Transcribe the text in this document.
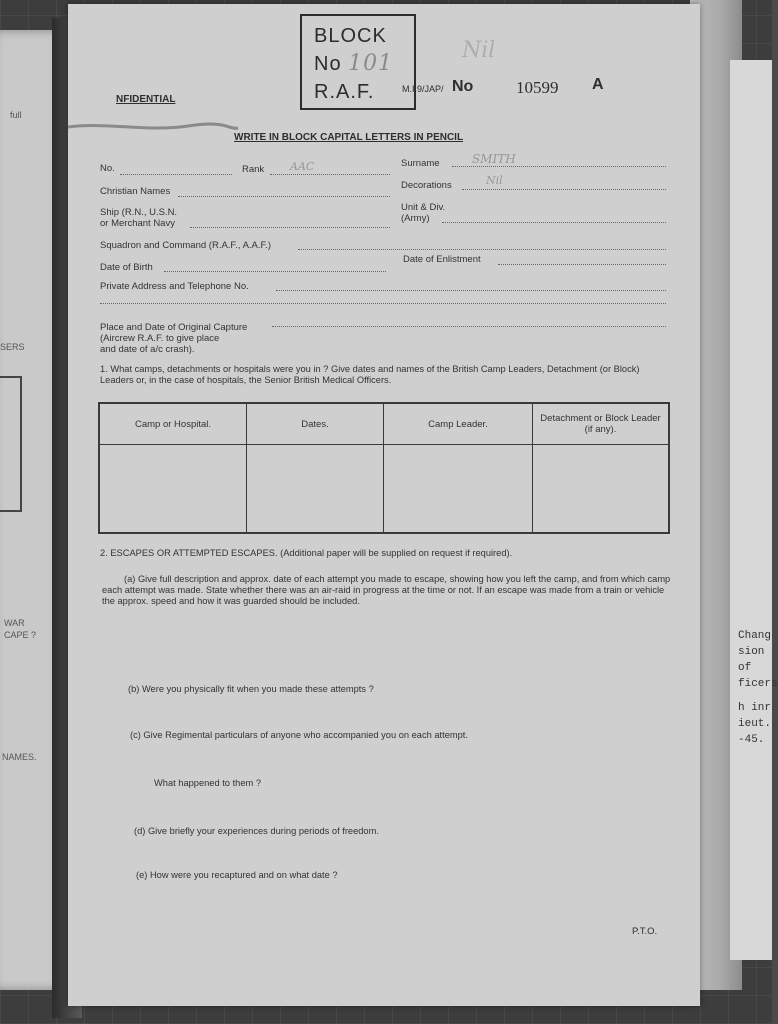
full
SERS
WAR
CAPE ?
NAMES.
Chang
sion of
ficers
h inr
ieut.
-45.
BLOCK
No 101
R.A.F.
Nil
NFIDENTIAL
M.I 9/JAP/ No	10599 A
WRITE IN BLOCK CAPITAL LETTERS IN PENCIL
No.	Rank AAC	Surname	SMITH
Christian Names
Decorations	Nil
Ship (R.N., U.S.N.
or Merchant Navy
Unit & Div.
(Army)
Squadron and Command (R.A.F., A.A.F.)
Date of Birth
Date of Enlistment
Private Address and Telephone No.
Place and Date of Original Capture
(Aircrew R.A.F. to give place
and date of a/c crash).
1. What camps, detachments or hospitals were you in ? Give dates and names of the British Camp Leaders, Detachment (or Block) Leaders or, in the case of hospitals, the Senior British Medical Officers.
Camp or Hospital.	Dates.	Camp Leader.	Detachment or Block Leader (if any).

2. ESCAPES OR ATTEMPTED ESCAPES. (Additional paper will be supplied on request if required).
(a) Give full description and approx. date of each attempt you made to escape, showing how you left the camp, and from which camp each attempt was made. State whether there was an air-raid in progress at the time or not. If an escape was made from a train or vehicle the approx. speed and how it was guarded should be included.
(b) Were you physically fit when you made these attempts ?
(c) Give Regimental particulars of anyone who accompanied you on each attempt.
What happened to them ?
(d) Give briefly your experiences during periods of freedom.
(e) How were you recaptured and on what date ?
P.T.O.
